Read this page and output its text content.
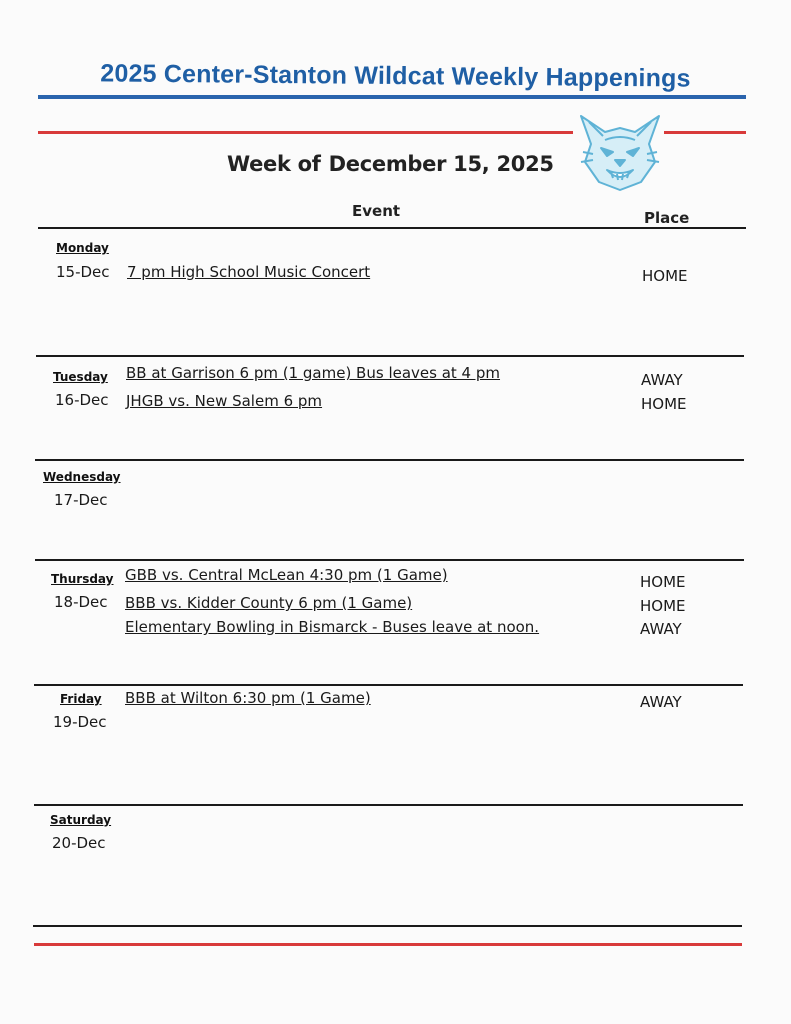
2025 Center-Stanton Wildcat Weekly Happenings
Week of December 15, 2025
Event	Place
Monday
15-Dec 7 pm High School Music Concert	HOME
Tuesday
16-Dec
BB at Garrison 6 pm (1 game) Bus leaves at 4 pm	AWAY
JHGB vs. New Salem 6 pm	HOME
Wednesday
17-Dec
Thursday
18-Dec
GBB vs. Central McLean 4:30 pm (1 Game)	HOME
BBB vs. Kidder County 6 pm (1 Game)	HOME
Elementary Bowling in Bismarck - Buses leave at noon.	AWAY
Friday
19-Dec
BBB at Wilton 6:30 pm (1 Game)	AWAY
Saturday
20-Dec
